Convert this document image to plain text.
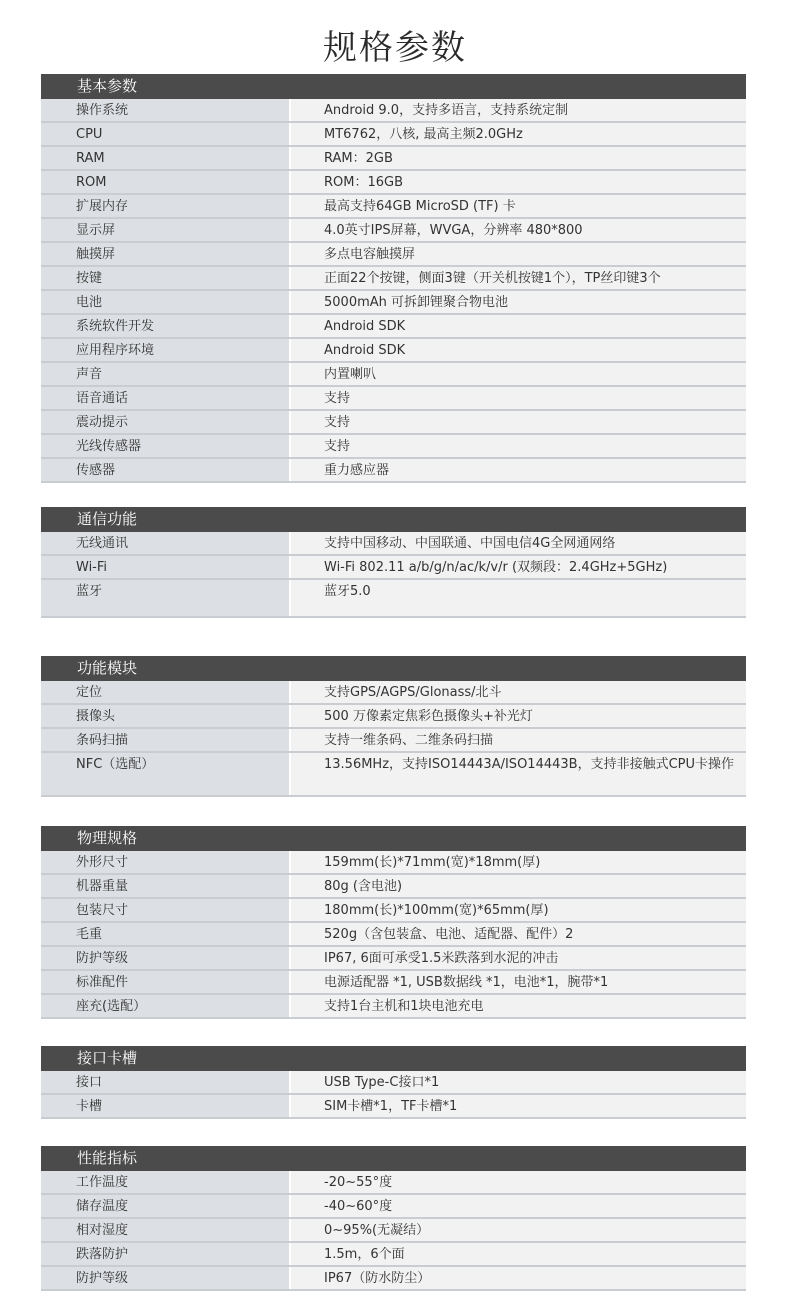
规格参数
基本参数
操作系统	Android 9.0，支持多语言，支持系统定制
CPU	MT6762，八核, 最高主频2.0GHz
RAM	RAM：2GB
ROM	ROM：16GB
扩展内存	最高支持64GB MicroSD (TF) 卡
显示屏	4.0英寸IPS屏幕，WVGA，分辨率 480*800
触摸屏	多点电容触摸屏
按键	正面22个按键，侧面3键（开关机按键1个），TP丝印键3个
电池	5000mAh 可拆卸锂聚合物电池
系统软件开发	Android SDK
应用程序环境	Android SDK
声音	内置喇叭
语音通话	支持
震动提示	支持
光线传感器	支持
传感器	重力感应器
通信功能
无线通讯	支持中国移动、中国联通、中国电信4G全网通网络
Wi-Fi	Wi-Fi 802.11 a/b/g/n/ac/k/v/r (双频段：2.4GHz+5GHz)
蓝牙	蓝牙5.0
功能模块
定位	支持GPS/AGPS/Glonass/北斗
摄像头	500 万像素定焦彩色摄像头+补光灯
条码扫描	支持一维条码、二维条码扫描
NFC（选配）	13.56MHz，支持ISO14443A/ISO14443B，支持非接触式CPU卡操作
物理规格
外形尺寸	159mm(长)*71mm(宽)*18mm(厚)
机器重量	80g (含电池)
包装尺寸	180mm(长)*100mm(宽)*65mm(厚)
毛重	520g（含包装盒、电池、适配器、配件）2
防护等级	IP67, 6面可承受1.5米跌落到水泥的冲击
标准配件	电源适配器 *1, USB数据线 *1，电池*1，腕带*1
座充(选配）	支持1台主机和1块电池充电
接口卡槽
接口	USB Type-C接口*1
卡槽	SIM卡槽*1，TF卡槽*1
性能指标
工作温度	-20~55°度
储存温度	-40~60°度
相对湿度	0~95%(无凝结）
跌落防护	1.5m，6个面
防护等级	IP67（防水防尘）
